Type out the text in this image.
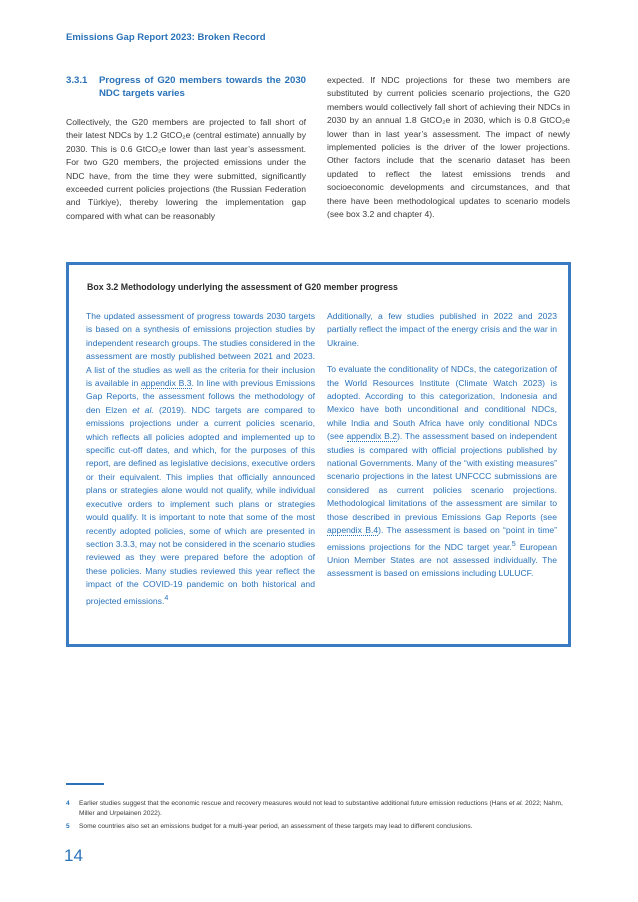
Emissions Gap Report 2023: Broken Record
3.3.1	Progress of G20 members towards the 2030 NDC targets varies

Collectively, the G20 members are projected to fall short of their latest NDCs by 1.2 GtCO₂e (central estimate) annually by 2030. This is 0.6 GtCO₂e lower than last year’s assessment. For two G20 members, the projected emissions under the NDC have, from the time they were submitted, significantly exceeded current policies projections (the Russian Federation and Türkiye), thereby lowering the implementation gap compared with what can be reasonably

expected. If NDC projections for these two members are substituted by current policies scenario projections, the G20 members would collectively fall short of achieving their NDCs in 2030 by an annual 1.8 GtCO₂e in 2030, which is 0.8 GtCO₂e lower than in last year’s assessment. The impact of newly implemented policies is the driver of the lower projections. Other factors include that the scenario dataset has been updated to reflect the latest emissions trends and socioeconomic developments and circumstances, and that there have been methodological updates to scenario models (see box 3.2 and chapter 4).

Box 3.2 Methodology underlying the assessment of G20 member progress

The updated assessment of progress towards 2030 targets is based on a synthesis of emissions projection studies by independent research groups. The studies considered in the assessment are mostly published between 2021 and 2023. A list of the studies as well as the criteria for their inclusion is available in appendix B.3. In line with previous Emissions Gap Reports, the assessment follows the methodology of den Elzen et al. (2019). NDC targets are compared to emissions projections under a current policies scenario, which reflects all policies adopted and implemented up to specific cut-off dates, and which, for the purposes of this report, are defined as legislative decisions, executive orders or their equivalent. This implies that officially announced plans or strategies alone would not qualify, while individual executive orders to implement such plans or strategies would qualify. It is important to note that some of the most recently adopted policies, some of which are presented in section 3.3.3, may not be considered in the scenario studies reviewed as they were prepared before the adoption of these policies. Many studies reviewed this year reflect the impact of the COVID-19 pandemic on both historical and projected emissions.$^4$

Additionally, a few studies published in 2022 and 2023 partially reflect the impact of the energy crisis and the war in Ukraine.

To evaluate the conditionality of NDCs, the categorization of the World Resources Institute (Climate Watch 2023) is adopted. According to this categorization, Indonesia and Mexico have both unconditional and conditional NDCs, while India and South Africa have only conditional NDCs (see appendix B.2). The assessment based on independent studies is compared with official projections published by national Governments. Many of the “with existing measures” scenario projections in the latest UNFCCC submissions are considered as current policies scenario projections. Methodological limitations of the assessment are similar to those described in previous Emissions Gap Reports (see appendix B.4). The assessment is based on “point in time” emissions projections for the NDC target year.$^5$ European Union Member States are not assessed individually. The assessment is based on emissions including LULUCF.

4	Earlier studies suggest that the economic rescue and recovery measures would not lead to substantive additional future emission reductions (Hans et al. 2022; Nahm, Miller and Urpelainen 2022).
5	Some countries also set an emissions budget for a multi-year period, an assessment of these targets may lead to different conclusions.
14
